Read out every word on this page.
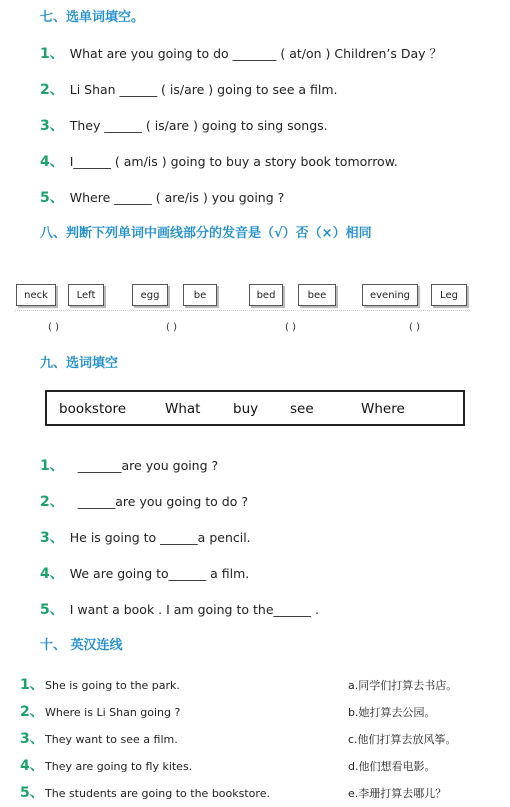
七、选单词填空。
1、 What are you going to do _______ ( at/on ) Children’s Day ？
2、 Li Shan ______ ( is/are ) going to see a film.
3、 They ______ ( is/are ) going to sing songs.
4、 I______ ( am/is ) going to buy a story book tomorrow.
5、 Where ______ ( are/is ) you going ?
八、判断下列单词中画线部分的发音是（√）否（×）相同
neck	Left
( )
egg	be
( )
bed	bee
( )
evening	Leg
( )
九、选词填空
bookstore	What buy see	Where
1、 _______are you going ?
2、 ______are you going to do ?
3、 He is going to ______a pencil.
4、 We are going to______ a film.
5、 I want a book . I am going to the______ .
十、 英汉连线
1、She is going to the park.
2、Where is Li Shan going ?
3、They want to see a film.
4、They are going to fly kites.
5、The students are going to the bookstore.
a.同学们打算去书店。
b.她打算去公园。
c.他们打算去放风筝。
d.他们想看电影。
e.李珊打算去哪儿？
